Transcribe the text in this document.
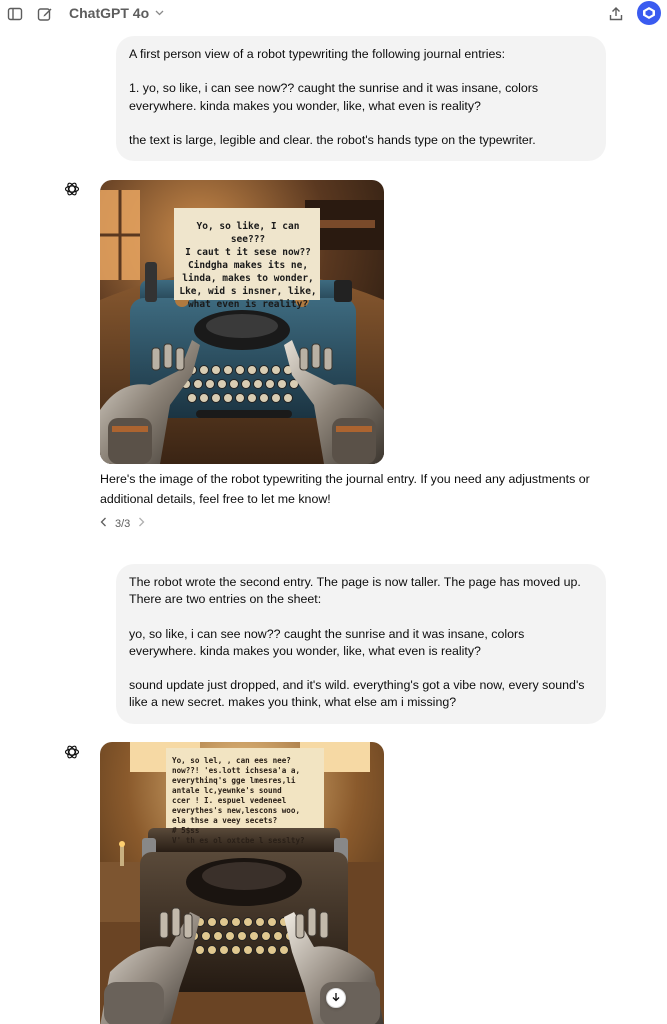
ChatGPT 4o

A first person view of a robot typewriting the following journal entries:

1. yo, so like, i can see now?? caught the sunrise and it was insane, colors everywhere. kinda makes you wonder, like, what even is reality?

the text is large, legible and clear. the robot's hands type on the typewriter.

Yo, so like, I can see???
I caut t it sese now??
Cindgha makes its ne,
linda, makes to wonder,
Lke, wid s insner, like,
what even is reality?
Here's the image of the robot typewriting the journal entry. If you need any adjustments or additional details, feel free to let me know!
3/3

The robot wrote the second entry. The page is now taller. The page has moved up. There are two entries on the sheet:

yo, so like, i can see now?? caught the sunrise and it was insane, colors everywhere. kinda makes you wonder, like, what even is reality?

sound update just dropped, and it's wild. everything's got a vibe now, every sound's like a new secret. makes you think, what else am i missing?

Yo, so lel, , can ees nee?
now??! 'es.lott ichsesa'a a,
everythinq's gge lmesres,li
antale lc,yewnke's sound
ccer ! I. espuel vedeneel
everythes's new,lescons woo,
ela thse a veey secets?
# 5$ss
V' th es ol oxtcbe l sesslty?
